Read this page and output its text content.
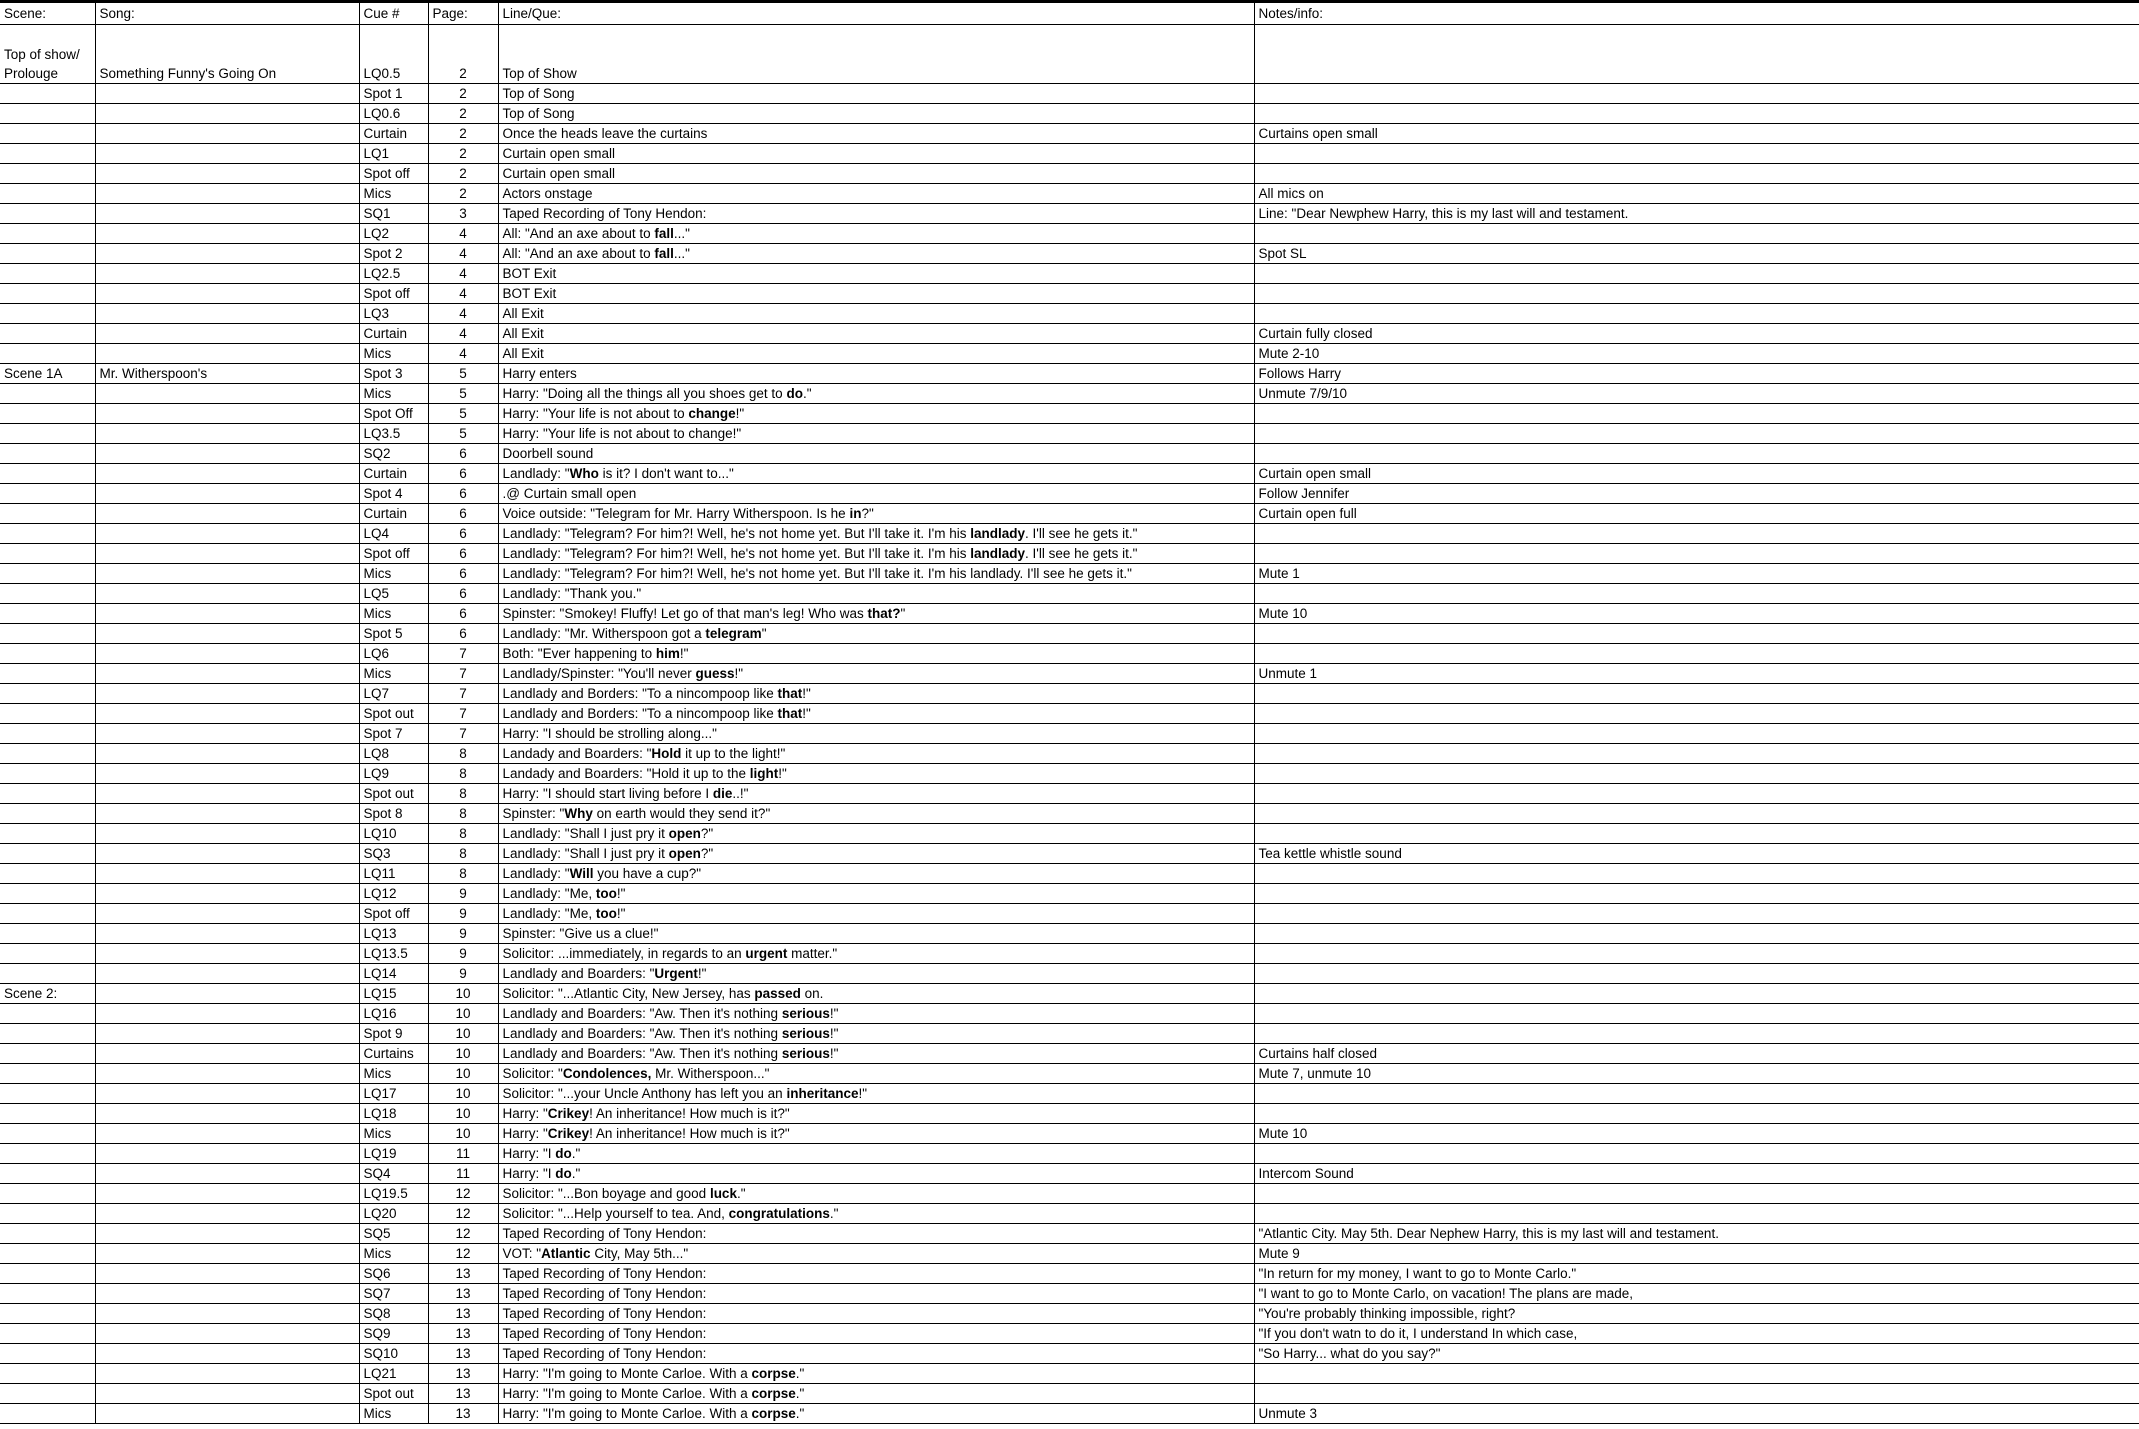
Scene:	Song:	Cue #	Page:	Line/Que:	Notes/info:
Top of show/ Prolouge	Something Funny's Going On	LQ0.5	2	Top of Show	
		Spot 1	2	Top of Song	
		LQ0.6	2	Top of Song	
		Curtain	2	Once the heads leave the curtains	Curtains open small
		LQ1	2	Curtain open small	
		Spot off	2	Curtain open small	
		Mics	2	Actors onstage	All mics on
		SQ1	3	Taped Recording of Tony Hendon:	Line: "Dear Newphew Harry, this is my last will and testament.
		LQ2	4	All: "And an axe about to fall..."	
		Spot 2	4	All: "And an axe about to fall..."	Spot SL
		LQ2.5	4	BOT Exit	
		Spot off	4	BOT Exit	
		LQ3	4	All Exit	
		Curtain	4	All Exit	Curtain fully closed
		Mics	4	All Exit	Mute 2-10
Scene 1A	Mr. Witherspoon's	Spot 3	5	Harry enters	Follows Harry
		Mics	5	Harry: "Doing all the things all you shoes get to do."	Unmute 7/9/10
		Spot Off	5	Harry: "Your life is not about to change!"	
		LQ3.5	5	Harry: "Your life is not about to change!"	
		SQ2	6	Doorbell sound	
		Curtain	6	Landlady: "Who is it? I don't want to..."	Curtain open small
		Spot 4	6	.@ Curtain small open	Follow Jennifer
		Curtain	6	Voice outside: "Telegram for Mr. Harry Witherspoon. Is he in?"	Curtain open full
		LQ4	6	Landlady: "Telegram? For him?! Well, he's not home yet. But I'll take it. I'm his landlady. I'll see he gets it."	
		Spot off	6	Landlady: "Telegram? For him?! Well, he's not home yet. But I'll take it. I'm his landlady. I'll see he gets it."	
		Mics	6	Landlady: "Telegram? For him?! Well, he's not home yet. But I'll take it. I'm his landlady. I'll see he gets it."	Mute 1
		LQ5	6	Landlady: "Thank you."	
		Mics	6	Spinster: "Smokey! Fluffy! Let go of that man's leg! Who was that?"	Mute 10
		Spot 5	6	Landlady: "Mr. Witherspoon got a telegram"	
		LQ6	7	Both: "Ever happening to him!"	
		Mics	7	Landlady/Spinster: "You'll never guess!"	Unmute 1
		LQ7	7	Landlady and Borders: "To a nincompoop like that!"	
		Spot out	7	Landlady and Borders: "To a nincompoop like that!"	
		Spot 7	7	Harry: "I should be strolling along..."	
		LQ8	8	Landady and Boarders: "Hold it up to the light!"	
		LQ9	8	Landady and Boarders: "Hold it up to the light!"	
		Spot out	8	Harry: "I should start living before I die..!"	
		Spot 8	8	Spinster: "Why on earth would they send it?"	
		LQ10	8	Landlady: "Shall I just pry it open?"	
		SQ3	8	Landlady: "Shall I just pry it open?"	Tea kettle whistle sound
		LQ11	8	Landlady: "Will you have a cup?"	
		LQ12	9	Landlady: "Me, too!"	
		Spot off	9	Landlady: "Me, too!"	
		LQ13	9	Spinster: "Give us a clue!"	
		LQ13.5	9	Solicitor: ...immediately, in regards to an urgent matter."	
		LQ14	9	Landlady and Boarders: "Urgent!"	
Scene 2:		LQ15	10	Solicitor: "...Atlantic City, New Jersey, has passed on.	
		LQ16	10	Landlady and Boarders: "Aw. Then it's nothing serious!"	
		Spot 9	10	Landlady and Boarders: "Aw. Then it's nothing serious!"	
		Curtains	10	Landlady and Boarders: "Aw. Then it's nothing serious!"	Curtains half closed
		Mics	10	Solicitor: "Condolences, Mr. Witherspoon..."	Mute 7, unmute 10
		LQ17	10	Solicitor: "...your Uncle Anthony has left you an inheritance!"	
		LQ18	10	Harry: "Crikey! An inheritance! How much is it?"	
		Mics	10	Harry: "Crikey! An inheritance! How much is it?"	Mute 10
		LQ19	11	Harry: "I do."	
		SQ4	11	Harry: "I do."	Intercom Sound
		LQ19.5	12	Solicitor: "...Bon boyage and good luck."	
		LQ20	12	Solicitor: "...Help yourself to tea. And, congratulations."	
		SQ5	12	Taped Recording of Tony Hendon:	"Atlantic City. May 5th. Dear Nephew Harry, this is my last will and testament.
		Mics	12	VOT: "Atlantic City, May 5th..."	Mute 9
		SQ6	13	Taped Recording of Tony Hendon:	"In return for my money, I want to go to Monte Carlo."
		SQ7	13	Taped Recording of Tony Hendon:	"I want to go to Monte Carlo, on vacation! The plans are made,
		SQ8	13	Taped Recording of Tony Hendon:	"You're probably thinking impossible, right?
		SQ9	13	Taped Recording of Tony Hendon:	"If you don't watn to do it, I understand In which case,
		SQ10	13	Taped Recording of Tony Hendon:	"So Harry... what do you say?"
		LQ21	13	Harry: "I'm going to Monte Carloe. With a corpse."	
		Spot out	13	Harry: "I'm going to Monte Carloe. With a corpse."	
		Mics	13	Harry: "I'm going to Monte Carloe. With a corpse."	Unmute 3
